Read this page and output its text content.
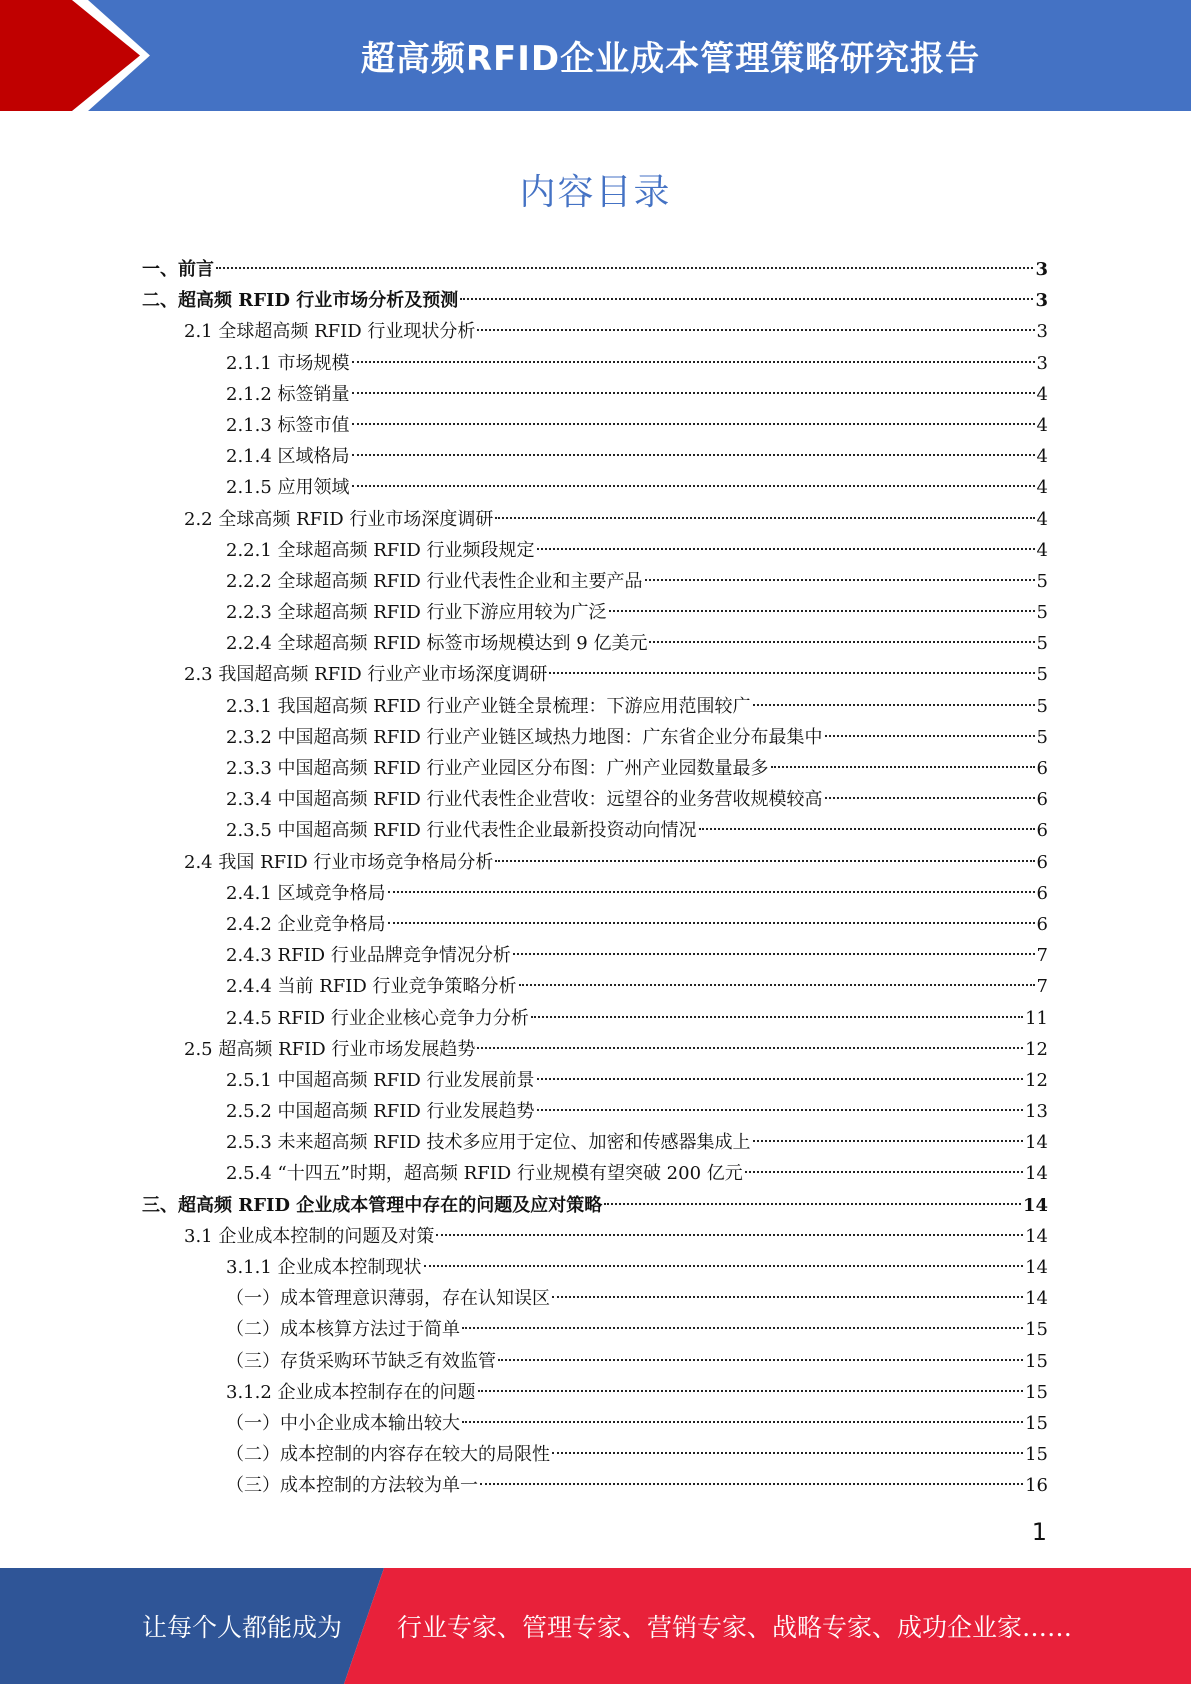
超高频RFID企业成本管理策略研究报告
内容目录
一、前言	3
二、超高频 RFID 行业市场分析及预测	3
2.1 全球超高频 RFID 行业现状分析	3
2.1.1 市场规模	3
2.1.2 标签销量	4
2.1.3 标签市值	4
2.1.4 区域格局	4
2.1.5 应用领域	4
2.2 全球高频 RFID 行业市场深度调研	4
2.2.1 全球超高频 RFID 行业频段规定	4
2.2.2 全球超高频 RFID 行业代表性企业和主要产品	5
2.2.3 全球超高频 RFID 行业下游应用较为广泛	5
2.2.4 全球超高频 RFID 标签市场规模达到 9 亿美元	5
2.3 我国超高频 RFID 行业产业市场深度调研	5
2.3.1 我国超高频 RFID 行业产业链全景梳理：下游应用范围较广	5
2.3.2 中国超高频 RFID 行业产业链区域热力地图：广东省企业分布最集中	5
2.3.3 中国超高频 RFID 行业产业园区分布图：广州产业园数量最多	6
2.3.4 中国超高频 RFID 行业代表性企业营收：远望谷的业务营收规模较高	6
2.3.5 中国超高频 RFID 行业代表性企业最新投资动向情况	6
2.4 我国 RFID 行业市场竞争格局分析	6
2.4.1 区域竞争格局	6
2.4.2 企业竞争格局	6
2.4.3 RFID 行业品牌竞争情况分析	7
2.4.4 当前 RFID 行业竞争策略分析	7
2.4.5 RFID 行业企业核心竞争力分析	11
2.5 超高频 RFID 行业市场发展趋势	12
2.5.1 中国超高频 RFID 行业发展前景	12
2.5.2 中国超高频 RFID 行业发展趋势	13
2.5.3 未来超高频 RFID 技术多应用于定位、加密和传感器集成上	14
2.5.4 “十四五”时期，超高频 RFID 行业规模有望突破 200 亿元	14
三、超高频 RFID 企业成本管理中存在的问题及应对策略	14
3.1 企业成本控制的问题及对策	14
3.1.1 企业成本控制现状	14
（一）成本管理意识薄弱，存在认知误区	14
（二）成本核算方法过于简单	15
（三）存货采购环节缺乏有效监管	15
3.1.2 企业成本控制存在的问题	15
（一）中小企业成本输出较大	15
（二）成本控制的内容存在较大的局限性	15
（三）成本控制的方法较为单一	16
1
让每个人都能成为 行业专家、管理专家、营销专家、战略专家、成功企业家……
